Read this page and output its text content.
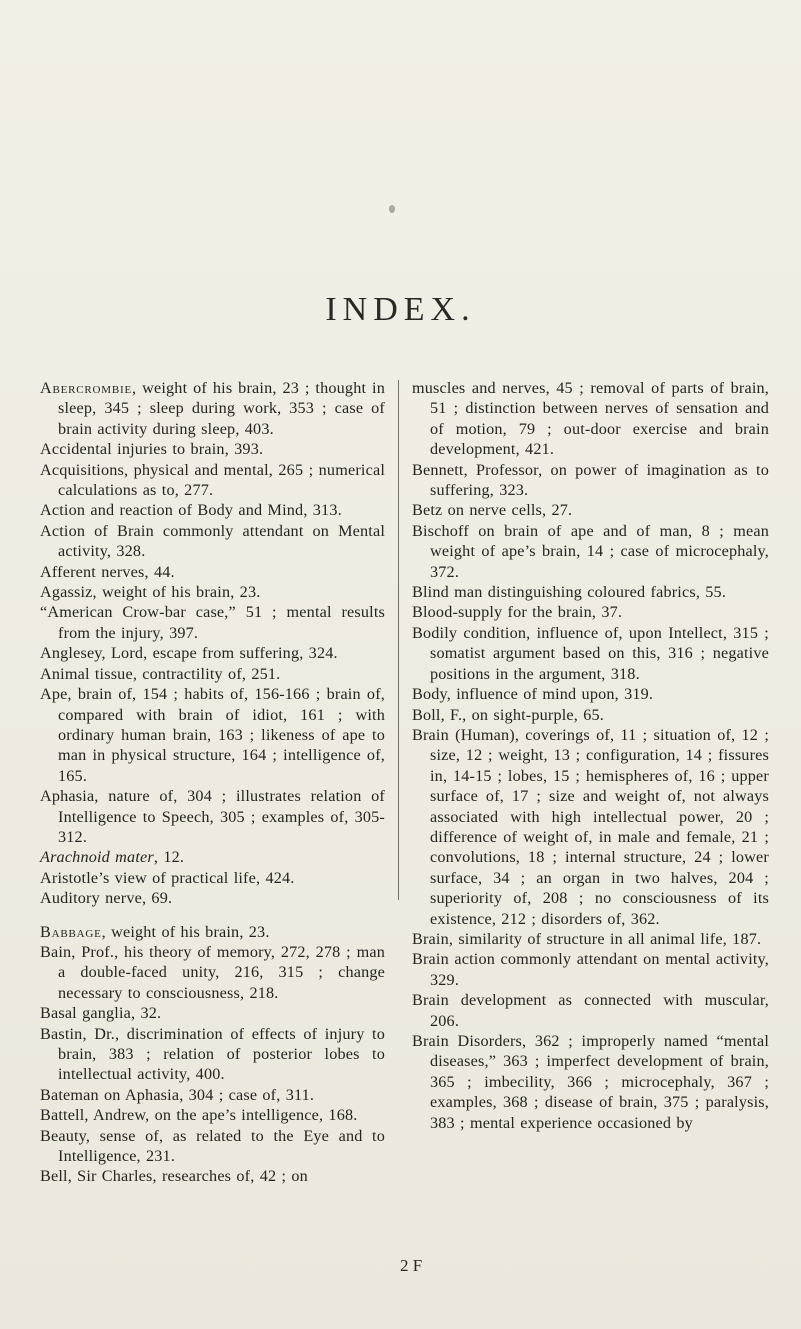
INDEX.

Abercrombie, weight of his brain, 23 ; thought in sleep, 345 ; sleep during work, 353 ; case of brain activity during sleep, 403.

Accidental injuries to brain, 393.

Acquisitions, physical and mental, 265 ; numerical calculations as to, 277.

Action and reaction of Body and Mind, 313.

Action of Brain commonly attendant on Mental activity, 328.

Afferent nerves, 44.

Agassiz, weight of his brain, 23.

“American Crow-bar case,” 51 ; mental results from the injury, 397.

Anglesey, Lord, escape from suffering, 324.

Animal tissue, contractility of, 251.

Ape, brain of, 154 ; habits of, 156-166 ; brain of, compared with brain of idiot, 161 ; with ordinary human brain, 163 ; likeness of ape to man in physical structure, 164 ; intelligence of, 165.

Aphasia, nature of, 304 ; illustrates relation of Intelligence to Speech, 305 ; examples of, 305-312.

Arachnoid mater, 12.

Aristotle’s view of practical life, 424.

Auditory nerve, 69.

Babbage, weight of his brain, 23.

Bain, Prof., his theory of memory, 272, 278 ; man a double-faced unity, 216, 315 ; change necessary to consciousness, 218.

Basal ganglia, 32.

Bastin, Dr., discrimination of effects of injury to brain, 383 ; relation of posterior lobes to intellectual activity, 400.

Bateman on Aphasia, 304 ; case of, 311.

Battell, Andrew, on the ape’s intelligence, 168.

Beauty, sense of, as related to the Eye and to Intelligence, 231.

Bell, Sir Charles, researches of, 42 ; on

muscles and nerves, 45 ; removal of parts of brain, 51 ; distinction between nerves of sensation and of motion, 79 ; out-door exercise and brain development, 421.

Bennett, Professor, on power of imagination as to suffering, 323.

Betz on nerve cells, 27.

Bischoff on brain of ape and of man, 8 ; mean weight of ape’s brain, 14 ; case of microcephaly, 372.

Blind man distinguishing coloured fabrics, 55.

Blood-supply for the brain, 37.

Bodily condition, influence of, upon Intellect, 315 ; somatist argument based on this, 316 ; negative positions in the argument, 318.

Body, influence of mind upon, 319.

Boll, F., on sight-purple, 65.

Brain (Human), coverings of, 11 ; situation of, 12 ; size, 12 ; weight, 13 ; configuration, 14 ; fissures in, 14-15 ; lobes, 15 ; hemispheres of, 16 ; upper surface of, 17 ; size and weight of, not always associated with high intellectual power, 20 ; difference of weight of, in male and female, 21 ; convolutions, 18 ; internal structure, 24 ; lower surface, 34 ; an organ in two halves, 204 ; superiority of, 208 ; no consciousness of its existence, 212 ; disorders of, 362.

Brain, similarity of structure in all animal life, 187.

Brain action commonly attendant on mental activity, 329.

Brain development as connected with muscular, 206.

Brain Disorders, 362 ; improperly named “mental diseases,” 363 ; imperfect development of brain, 365 ; imbecility, 366 ; microcephaly, 367 ; examples, 368 ; disease of brain, 375 ; paralysis, 383 ; mental experience occasioned by

2 F
